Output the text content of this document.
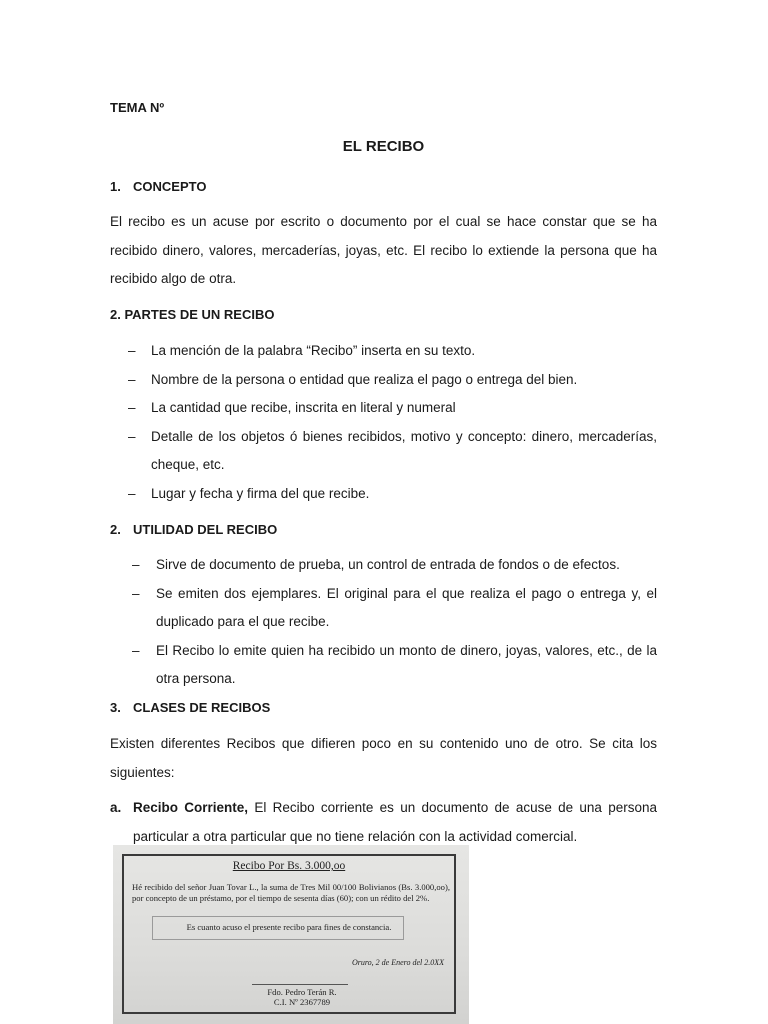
TEMA Nº
EL RECIBO
1. CONCEPTO
El recibo es un acuse por escrito o documento por el cual se hace constar que se ha recibido dinero, valores, mercaderías, joyas, etc. El recibo lo extiende la persona que ha recibido algo de otra.
2. PARTES DE UN RECIBO
– La mención de la palabra “Recibo” inserta en su texto.
– Nombre de la persona o entidad que realiza el pago o entrega del bien.
– La cantidad que recibe, inscrita en literal y numeral
– Detalle de los objetos ó bienes recibidos, motivo y concepto: dinero, mercaderías, cheque, etc.
– Lugar y fecha y firma del que recibe.
2. UTILIDAD DEL RECIBO
– Sirve de documento de prueba, un control de entrada de fondos o de efectos.
– Se emiten dos ejemplares. El original para el que realiza el pago o entrega y, el duplicado para el que recibe.
– El Recibo lo emite quien ha recibido un monto de dinero, joyas, valores, etc., de la otra persona.
3. CLASES DE RECIBOS
Existen diferentes Recibos que difieren poco en su contenido uno de otro. Se cita los siguientes:
a. Recibo Corriente, El Recibo corriente es un documento de acuse de una persona particular a otra particular que no tiene relación con la actividad comercial.
Recibo Por Bs. 3.000,oo
Hé recibido del señor Juan Tovar L., la suma de Tres Mil 00/100 Bolivianos (Bs. 3.000,oo), por concepto de un préstamo, por el tiempo de sesenta días (60); con un rédito del 2%.
Es cuanto acuso el presente recibo para fines de constancia.
Oruro, 2 de Enero del 2.0XX
Fdo. Pedro Terán R.
C.I. Nº 2367789
